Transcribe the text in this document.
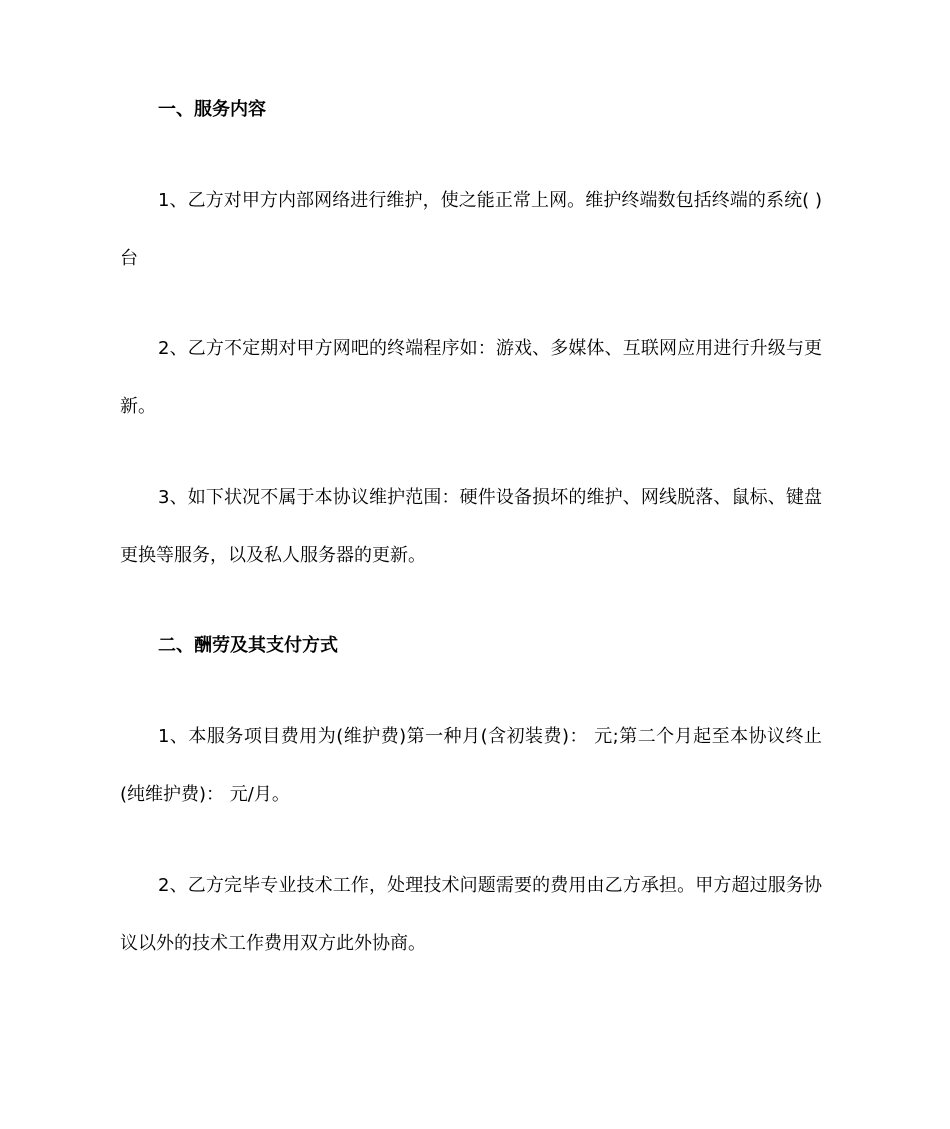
一、服务内容
1、乙方对甲方内部网络进行维护，使之能正常上网。维护终端数包括终端的系统( )台
2、乙方不定期对甲方网吧的终端程序如：游戏、多媒体、互联网应用进行升级与更新。
3、如下状况不属于本协议维护范围：硬件设备损坏的维护、网线脱落、鼠标、键盘更换等服务，以及私人服务器的更新。
二、酬劳及其支付方式
1、本服务项目费用为(维护费)第一种月(含初装费)： 元;第二个月起至本协议终止(纯维护费)： 元/月。
2、乙方完毕专业技术工作，处理技术问题需要的费用由乙方承担。甲方超过服务协议以外的技术工作费用双方此外协商。
